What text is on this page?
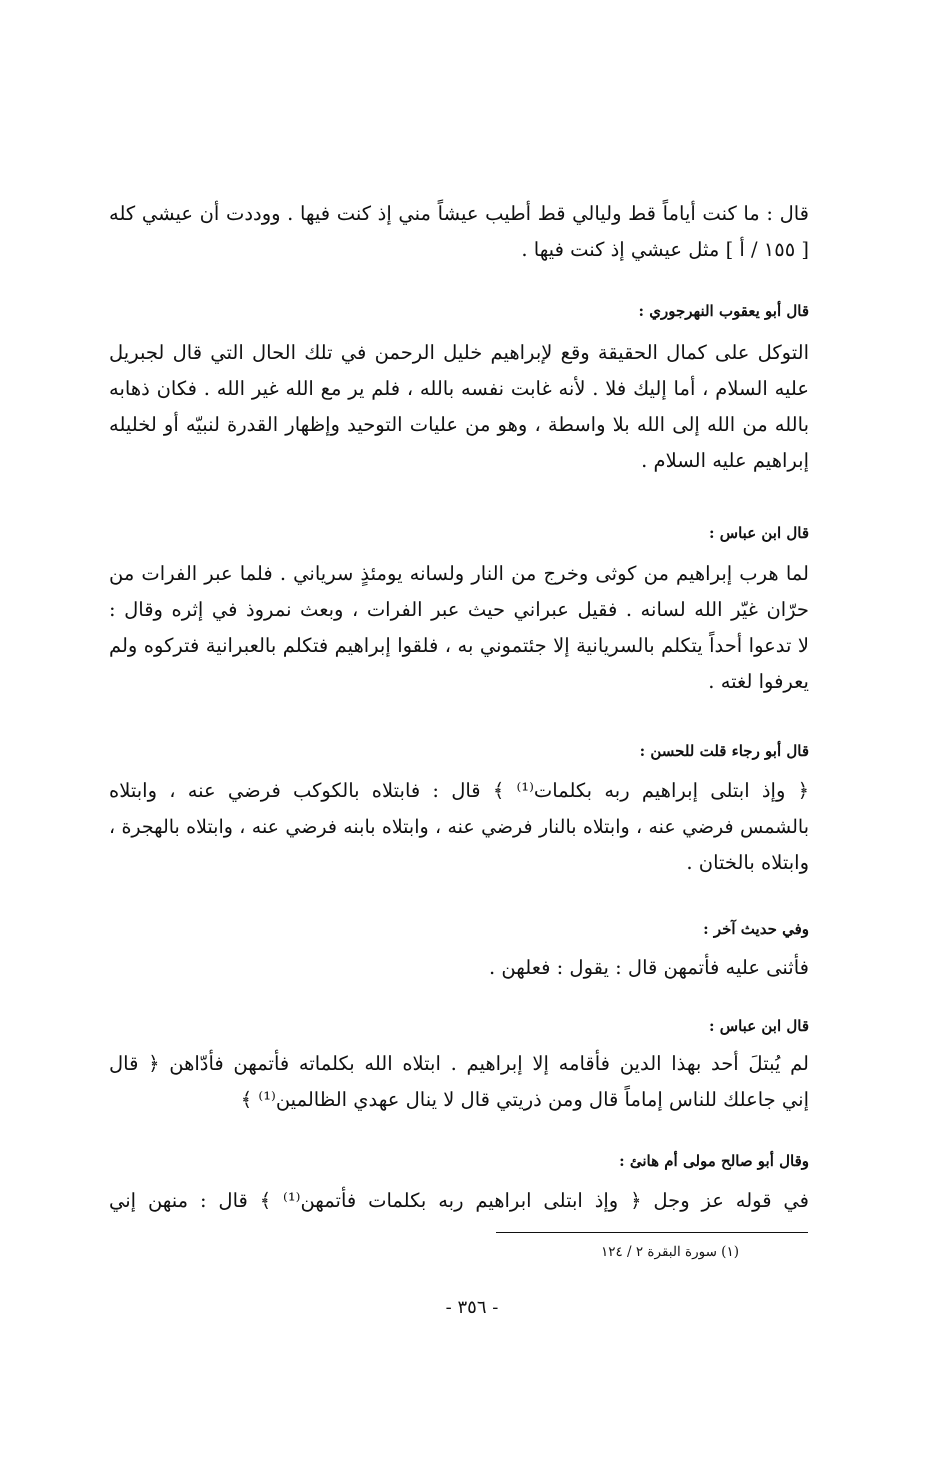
قال : ما كنت أياماً قط وليالي قط أطيب عيشاً مني إذ كنت فيها . ووددت أن عيشي كله
[ ١٥٥ / أ ] مثل عيشي إذ كنت فيها .
قال أبو يعقوب النهرجوري :
التوكل على كمال الحقيقة وقع لإبراهيم خليل الرحمن في تلك الحال التي قال لجبريل
عليه السلام ، أما إليك فلا . لأنه غابت نفسه بالله ، فلم ير مع الله غير الله . فكان ذهابه
بالله من الله إلى الله بلا واسطة ، وهو من عليات التوحيد وإظهار القدرة لنبيّه أو لخليله
إبراهيم عليه السلام .
قال ابن عباس :
لما هرب إبراهيم من كوثى وخرج من النار ولسانه يومئذٍ سرياني . فلما عبر الفرات من
حرّان غيّر الله لسانه . فقيل عبراني حيث عبر الفرات ، وبعث نمروذ في إثره وقال :
لا تدعوا أحداً يتكلم بالسريانية إلا جئتموني به ، فلقوا إبراهيم فتكلم بالعبرانية فتركوه ولم
يعرفوا لغته .
قال أبو رجاء قلت للحسن :
﴿ وإذ ابتلى إبراهيم ربه بكلمات⁽¹⁾ ﴾ قال : فابتلاه بالكوكب فرضي عنه ، وابتلاه
بالشمس فرضي عنه ، وابتلاه بالنار فرضي عنه ، وابتلاه بابنه فرضي عنه ، وابتلاه بالهجرة ،
وابتلاه بالختان .
وفي حديث آخر :
فأثنى عليه فأتمهن قال : يقول : فعلهن .
قال ابن عباس :
لم يُبتلَ أحد بهذا الدين فأقامه إلا إبراهيم . ابتلاه الله بكلماته فأتمهن فأدّاهن ﴿ قال
إني جاعلك للناس إماماً قال ومن ذريتي قال لا ينال عهدي الظالمين⁽¹⁾ ﴾
وقال أبو صالح مولى أم هانئ :
في قوله عز وجل ﴿ وإذ ابتلى ابراهيم ربه بكلمات فأتمهن⁽¹⁾ ﴾ قال : منهن إني
(١) سورة البقرة ٢ / ١٢٤
- ٣٥٦ -
